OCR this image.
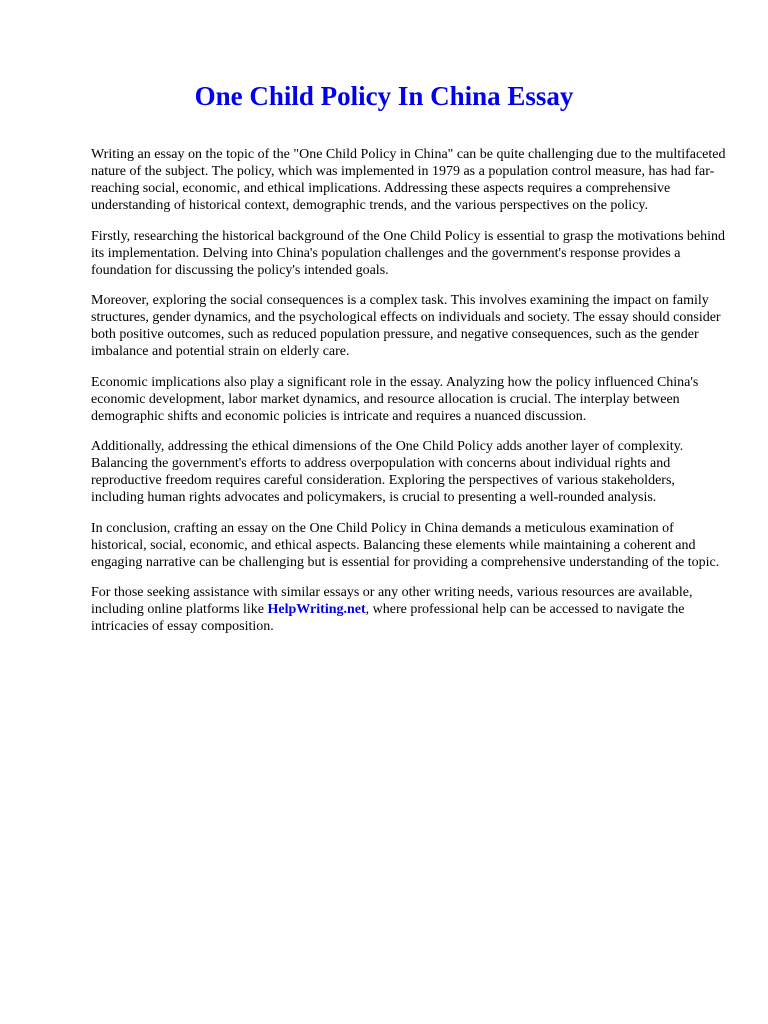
One Child Policy In China Essay

Writing an essay on the topic of the "One Child Policy in China" can be quite challenging due to the multifaceted nature of the subject. The policy, which was implemented in 1979 as a population control measure, has had far-reaching social, economic, and ethical implications. Addressing these aspects requires a comprehensive understanding of historical context, demographic trends, and the various perspectives on the policy.

Firstly, researching the historical background of the One Child Policy is essential to grasp the motivations behind its implementation. Delving into China's population challenges and the government's response provides a foundation for discussing the policy's intended goals.

Moreover, exploring the social consequences is a complex task. This involves examining the impact on family structures, gender dynamics, and the psychological effects on individuals and society. The essay should consider both positive outcomes, such as reduced population pressure, and negative consequences, such as the gender imbalance and potential strain on elderly care.

Economic implications also play a significant role in the essay. Analyzing how the policy influenced China's economic development, labor market dynamics, and resource allocation is crucial. The interplay between demographic shifts and economic policies is intricate and requires a nuanced discussion.

Additionally, addressing the ethical dimensions of the One Child Policy adds another layer of complexity. Balancing the government's efforts to address overpopulation with concerns about individual rights and reproductive freedom requires careful consideration. Exploring the perspectives of various stakeholders, including human rights advocates and policymakers, is crucial to presenting a well-rounded analysis.

In conclusion, crafting an essay on the One Child Policy in China demands a meticulous examination of historical, social, economic, and ethical aspects. Balancing these elements while maintaining a coherent and engaging narrative can be challenging but is essential for providing a comprehensive understanding of the topic.

For those seeking assistance with similar essays or any other writing needs, various resources are available, including online platforms like HelpWriting.net, where professional help can be accessed to navigate the intricacies of essay composition.
